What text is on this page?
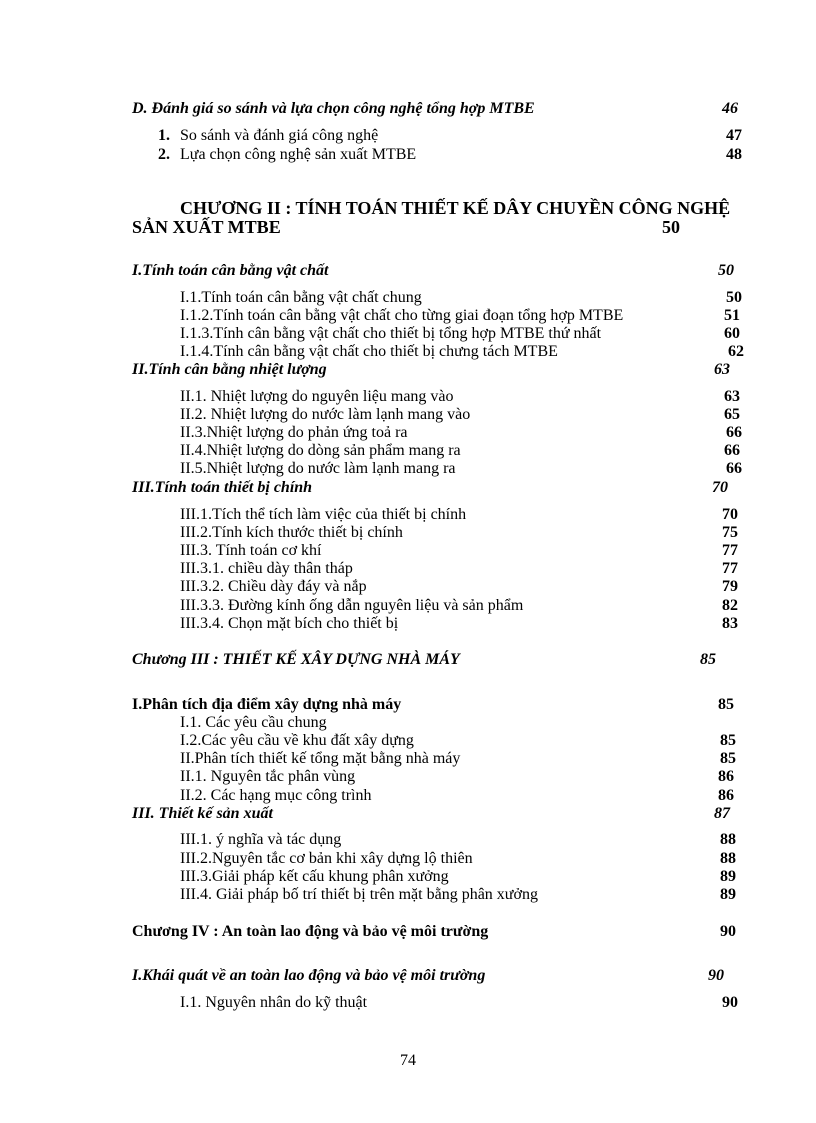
D. Đánh giá so sánh và lựa chọn công nghệ tổng hợp MTBE	46
1. So sánh và đánh giá công nghệ	47
2. Lựa chọn công nghệ sản xuất MTBE	48
CHƯƠNG II : TÍNH TOÁN THIẾT KẾ DÂY CHUYỀN CÔNG NGHỆ
SẢN XUẤT MTBE	50
I.Tính toán cân bằng vật chất	50
I.1.Tính toán cân bằng vật chất chung	50
I.1.2.Tính toán cân bằng vật chất cho từng giai đoạn tổng hợp MTBE	51
I.1.3.Tính cân bằng vật chất cho thiết bị tổng hợp MTBE thứ nhất	60
I.1.4.Tính cân bằng vật chất cho thiết bị chưng tách MTBE	62
II.Tính cân bằng nhiệt lượng	63
II.1. Nhiệt lượng do nguyên liệu mang vào	63
II.2. Nhiệt lượng do nước làm lạnh mang vào	65
II.3.Nhiệt lượng do phản ứng toả ra	66
II.4.Nhiệt lượng do dòng sản phẩm mang ra	66
II.5.Nhiệt lượng do nước làm lạnh mang ra	66
III.Tính toán thiết bị chính	70
III.1.Tích thể tích làm việc của thiết bị chính	70
III.2.Tính kích thước thiết bị chính	75
III.3. Tính toán cơ khí	77
III.3.1. chiều dày thân tháp	77
III.3.2. Chiều dày đáy và nắp	79
III.3.3. Đường kính ống dẫn nguyên liệu và sản phẩm	82
III.3.4. Chọn mặt bích cho thiết bị	83
Chương III : THIẾT KẾ XÂY DỰNG NHÀ MÁY	85
I.Phân tích địa điểm xây dựng nhà máy	85
I.1. Các yêu cầu chung
I.2.Các yêu cầu về khu đất xây dựng	85
II.Phân tích thiết kế tổng mặt bằng nhà máy	85
II.1. Nguyên tắc phân vùng	86
II.2. Các hạng mục công trình	86
III. Thiết kế sản xuất	87
III.1. ý nghĩa và tác dụng	88
III.2.Nguyên tắc cơ bản khi xây dựng lộ thiên	88
III.3.Giải pháp kết cấu khung phân xưởng	89
III.4. Giải pháp bố trí thiết bị trên mặt bằng phân xưởng	89
Chương IV : An toàn lao động và bảo vệ môi trường	90
I.Khái quát về an toàn lao động và bảo vệ môi trường	90
I.1. Nguyên nhân do kỹ thuật	90
74
